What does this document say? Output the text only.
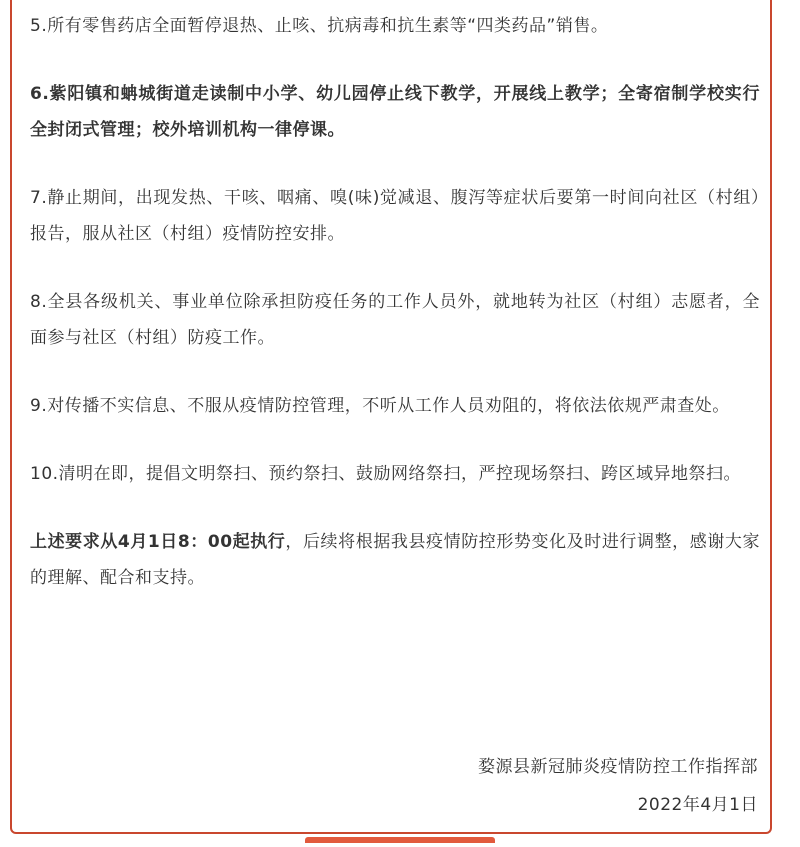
5.所有零售药店全面暂停退热、止咳、抗病毒和抗生素等“四类药品”销售。

6.紫阳镇和蚺城街道走读制中小学、幼儿园停止线下教学，开展线上教学；全寄宿制学校实行全封闭式管理；校外培训机构一律停课。

7.静止期间，出现发热、干咳、咽痛、嗅(味)觉减退、腹泻等症状后要第一时间向社区（村组）报告，服从社区（村组）疫情防控安排。

8.全县各级机关、事业单位除承担防疫任务的工作人员外，就地转为社区（村组）志愿者，全面参与社区（村组）防疫工作。

9.对传播不实信息、不服从疫情防控管理，不听从工作人员劝阻的，将依法依规严肃查处。

10.清明在即，提倡文明祭扫、预约祭扫、鼓励网络祭扫，严控现场祭扫、跨区域异地祭扫。

上述要求从4月1日8：00起执行，后续将根据我县疫情防控形势变化及时进行调整，感谢大家的理解、配合和支持。

婺源县新冠肺炎疫情防控工作指挥部
2022年4月1日
